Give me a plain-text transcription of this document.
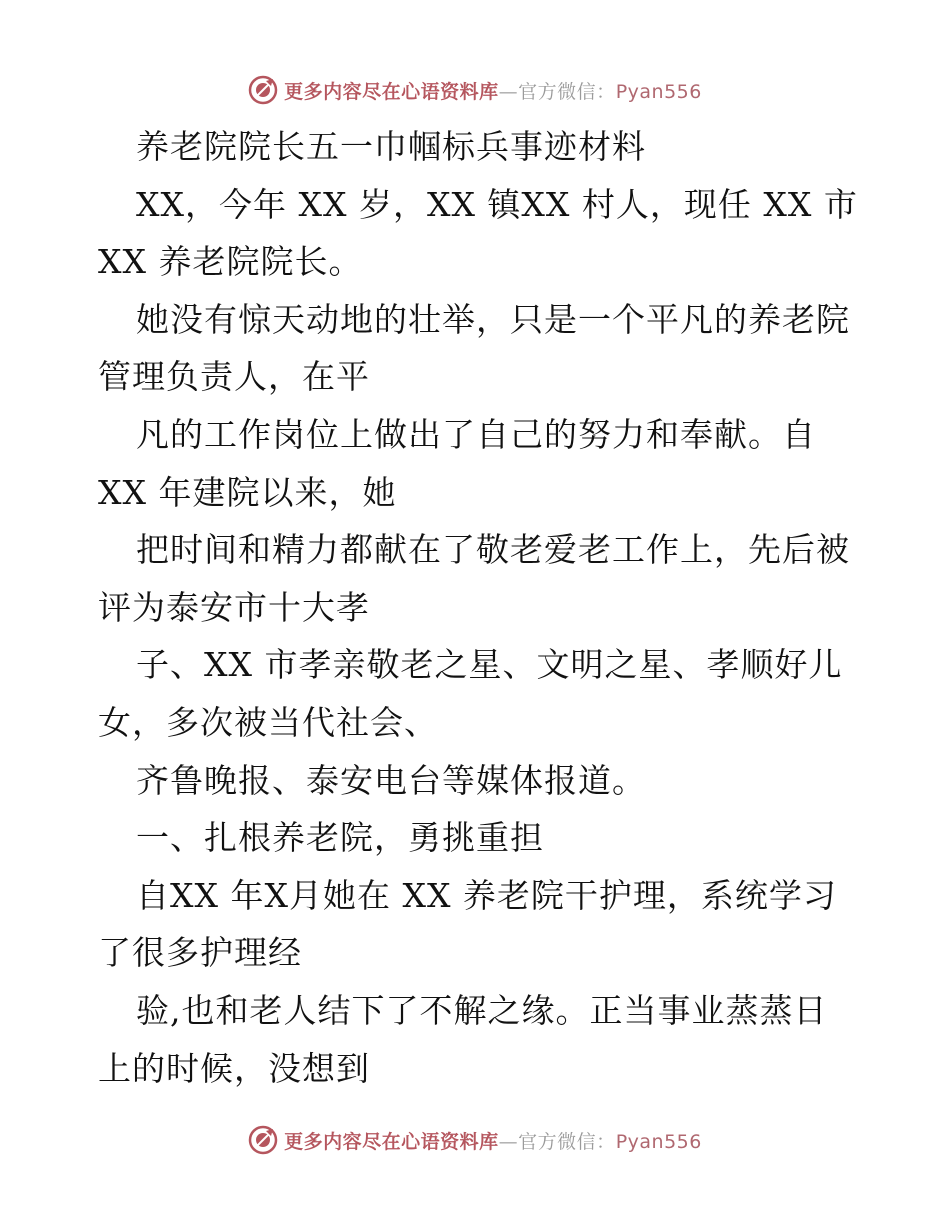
更多内容尽在心语资料库—官方微信：Pyan556
养老院院长五一巾帼标兵事迹材料
XX，今年 XX 岁，XX 镇XX 村人，现任 XX 市
XX 养老院院长。
她没有惊天动地的壮举，只是一个平凡的养老院
管理负责人，在平
凡的工作岗位上做出了自己的努力和奉献。自
XX 年建院以来，她
把时间和精力都献在了敬老爱老工作上，先后被
评为泰安市十大孝
子、XX 市孝亲敬老之星、文明之星、孝顺好儿
女，多次被当代社会、
齐鲁晚报、泰安电台等媒体报道。
一、扎根养老院，勇挑重担
自XX 年X月她在 XX 养老院干护理，系统学习
了很多护理经
验,也和老人结下了不解之缘。正当事业蒸蒸日
上的时候，没想到
更多内容尽在心语资料库—官方微信：Pyan556
